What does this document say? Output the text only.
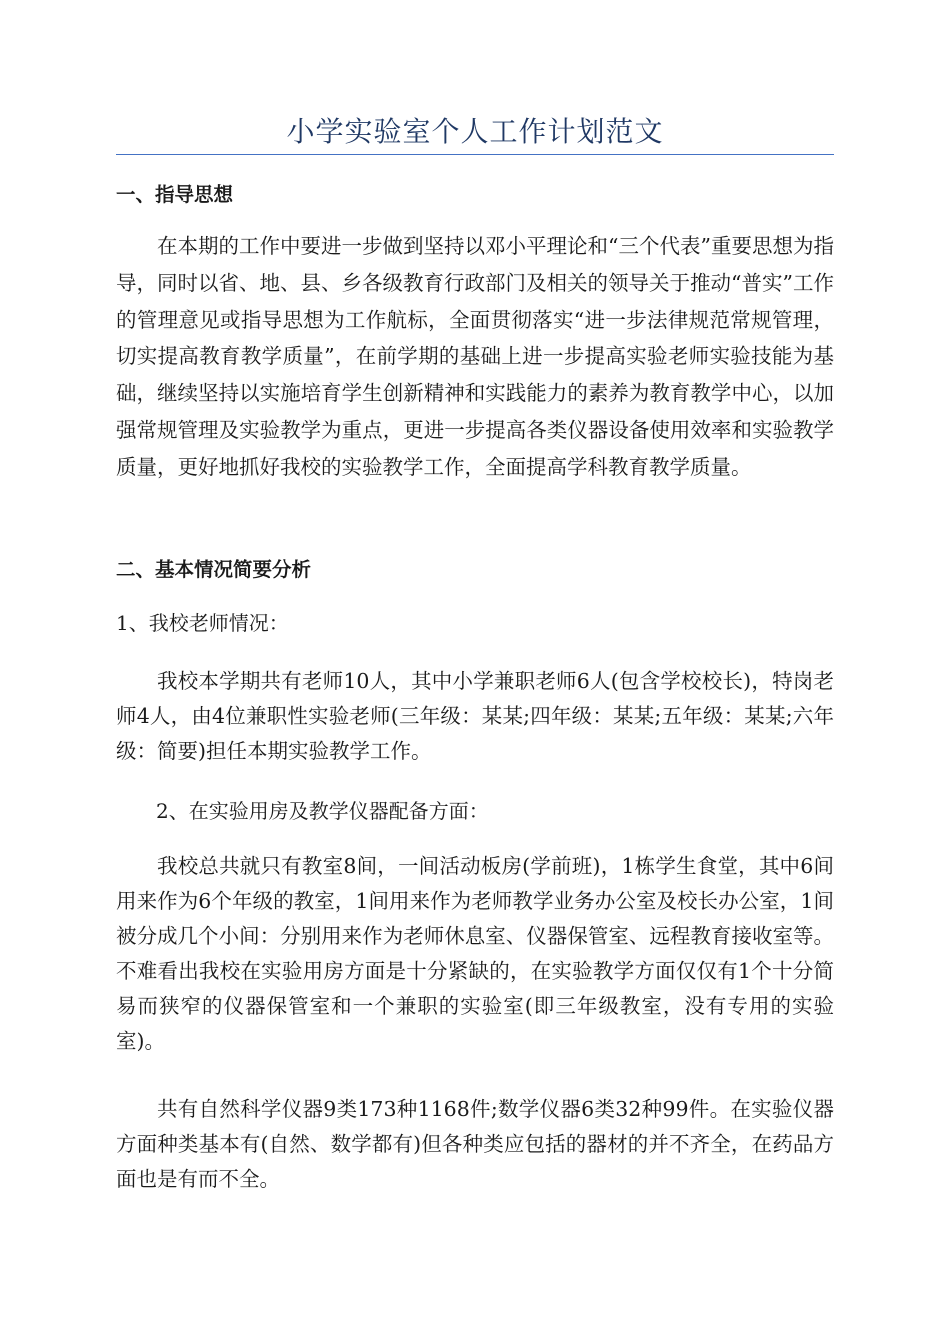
小学实验室个人工作计划范文
一、指导思想

在本期的工作中要进一步做到坚持以邓小平理论和“三个代表”重要思想为指导，同时以省、地、县、乡各级教育行政部门及相关的领导关于推动“普实”工作的管理意见或指导思想为工作航标，全面贯彻落实“进一步法律规范常规管理，切实提高教育教学质量”，在前学期的基础上进一步提高实验老师实验技能为基础，继续坚持以实施培育学生创新精神和实践能力的素养为教育教学中心，以加强常规管理及实验教学为重点，更进一步提高各类仪器设备使用效率和实验教学质量，更好地抓好我校的实验教学工作，全面提高学科教育教学质量。

二、基本情况简要分析

1、我校老师情况：

我校本学期共有老师10人，其中小学兼职老师6人(包含学校校长)，特岗老师4人，由4位兼职性实验老师(三年级：某某;四年级：某某;五年级：某某;六年级：简要)担任本期实验教学工作。

2、在实验用房及教学仪器配备方面：

我校总共就只有教室8间，一间活动板房(学前班)，1栋学生食堂，其中6间用来作为6个年级的教室，1间用来作为老师教学业务办公室及校长办公室，1间被分成几个小间：分别用来作为老师休息室、仪器保管室、远程教育接收室等。不难看出我校在实验用房方面是十分紧缺的，在实验教学方面仅仅有1个十分简易而狭窄的仪器保管室和一个兼职的实验室(即三年级教室，没有专用的实验室)。

共有自然科学仪器9类173种1168件;数学仪器6类32种99件。在实验仪器方面种类基本有(自然、数学都有)但各种类应包括的器材的并不齐全，在药品方面也是有而不全。
